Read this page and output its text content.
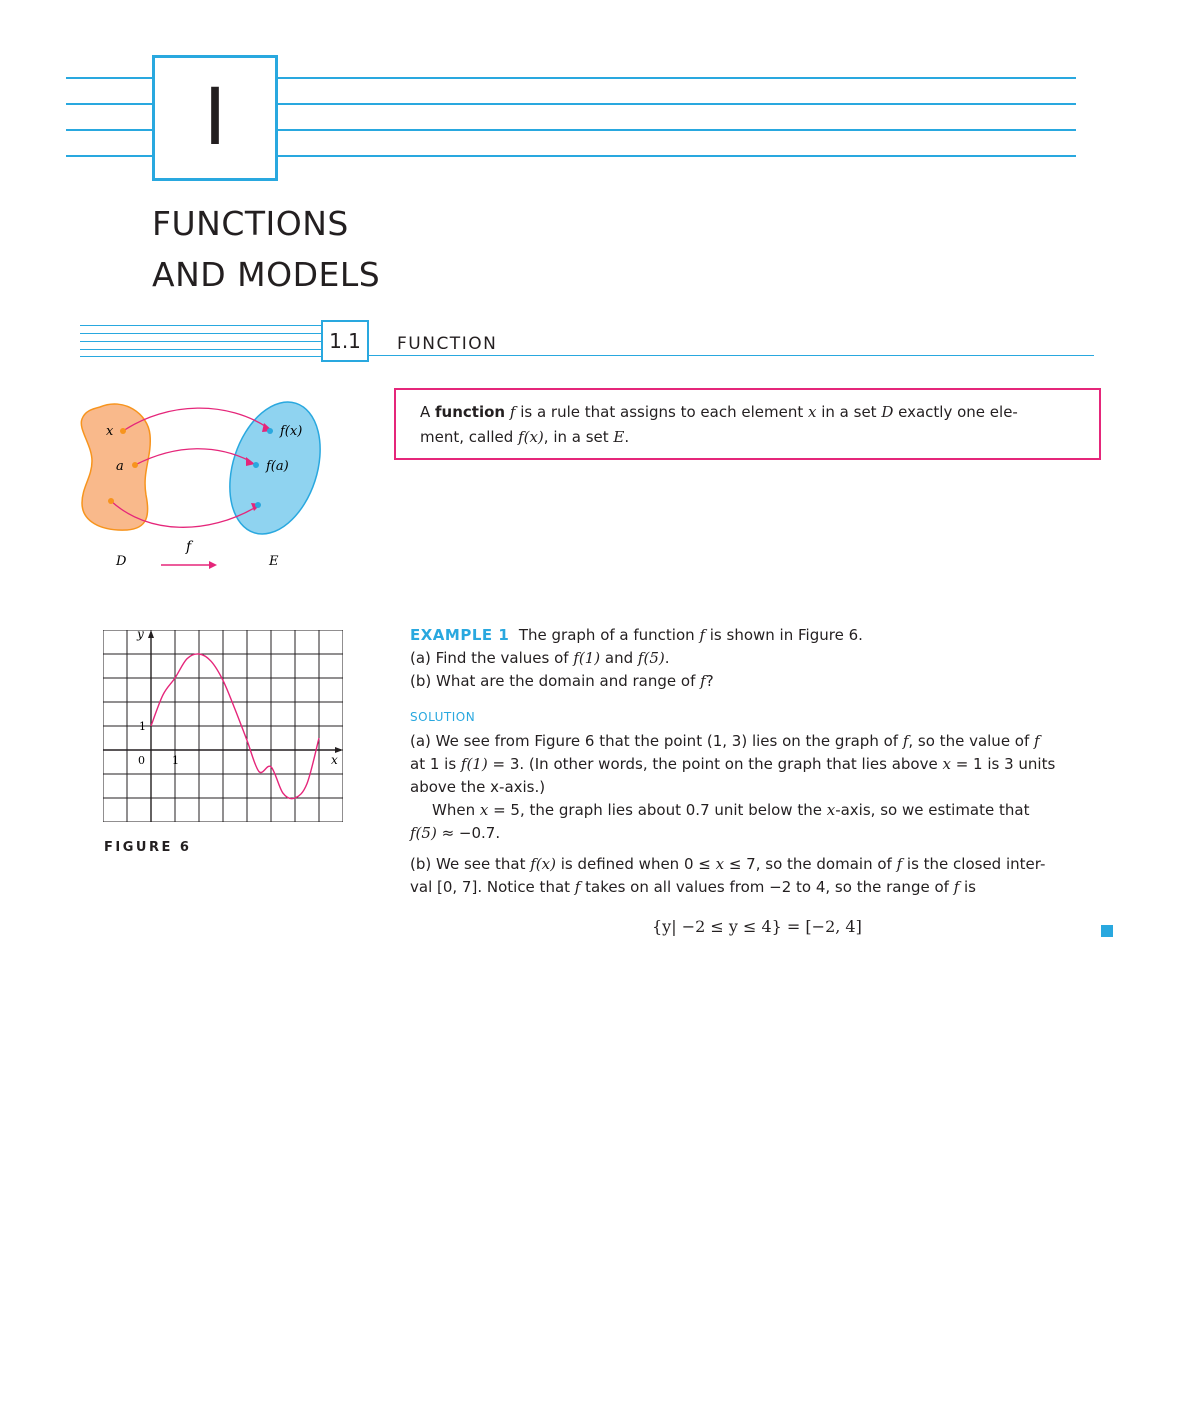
I
FUNCTIONS
AND MODELS
1.1 FUNCTION
x
a
f(x)
f(a)
D
f
E
A function f is a rule that assigns to each element x in a set D exactly one ele-
ment, called f(x), in a set E.
y
x
0 1
1
FIGURE 6
EXAMPLE 1 The graph of a function f is shown in Figure 6.
(a) Find the values of f(1) and f(5).
(b) What are the domain and range of f?
SOLUTION
(a) We see from Figure 6 that the point (1, 3) lies on the graph of f, so the value of f
at 1 is f(1) = 3. (In other words, the point on the graph that lies above x = 1 is 3 units
above the x-axis.)
When x = 5, the graph lies about 0.7 unit below the x-axis, so we estimate that
f(5) ≈ −0.7.
(b) We see that f(x) is defined when 0 ≤ x ≤ 7, so the domain of f is the closed inter-
val [0, 7]. Notice that f takes on all values from −2 to 4, so the range of f is
{y| −2 ≤ y ≤ 4} = [−2, 4]
